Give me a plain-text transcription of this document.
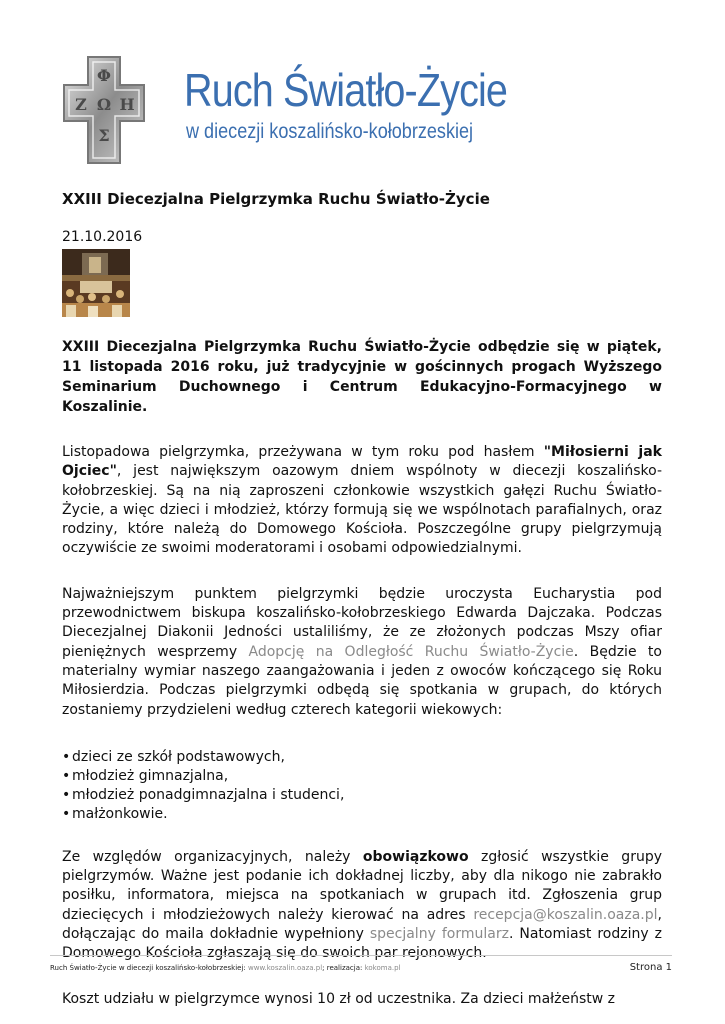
Φ
Ζ Ω Η
Σ
Ruch Światło-Życie
w diecezji koszalińsko-kołobrzeskiej
XXIII Diecezjalna Pielgrzymka Ruchu Światło-Życie
21.10.2016

XXIII Diecezjalna Pielgrzymka Ruchu Światło-Życie odbędzie się w piątek, 11 listopada 2016 roku, już tradycyjnie w gościnnych progach Wyższego Seminarium Duchownego i Centrum Edukacyjno-Formacyjnego w Koszalinie.

Listopadowa pielgrzymka, przeżywana w tym roku pod hasłem "Miłosierni jak Ojciec", jest największym oazowym dniem wspólnoty w diecezji koszalińsko-kołobrzeskiej. Są na nią zaproszeni członkowie wszystkich gałęzi Ruchu Światło-Życie, a więc dzieci i młodzież, którzy formują się we wspólnotach parafialnych, oraz rodziny, które należą do Domowego Kościoła. Poszczególne grupy pielgrzymują oczywiście ze swoimi moderatorami i osobami odpowiedzialnymi.

Najważniejszym punktem pielgrzymki będzie uroczysta Eucharystia pod przewodnictwem biskupa koszalińsko-kołobrzeskiego Edwarda Dajczaka. Podczas Diecezjalnej Diakonii Jedności ustaliliśmy, że ze złożonych podczas Mszy ofiar pieniężnych wesprzemy Adopcję na Odległość Ruchu Światło-Życie. Będzie to materialny wymiar naszego zaangażowania i jeden z owoców kończącego się Roku Miłosierdzia. Podczas pielgrzymki odbędą się spotkania w grupach, do których zostaniemy przydzieleni według czterech kategorii wiekowych:

• dzieci ze szkół podstawowych,
• młodzież gimnazjalna,
• młodzież ponadgimnazjalna i studenci,
• małżonkowie.

Ze względów organizacyjnych, należy obowiązkowo zgłosić wszystkie grupy pielgrzymów. Ważne jest podanie ich dokładnej liczby, aby dla nikogo nie zabrakło posiłku, informatora, miejsca na spotkaniach w grupach itd. Zgłoszenia grup dziecięcych i młodzieżowych należy kierować na adres recepcja@koszalin.oaza.pl, dołączając do maila dokładnie wypełniony specjalny formularz. Natomiast rodziny z Domowego Kościoła zgłaszają się do swoich par rejonowych.

Koszt udziału w pielgrzymce wynosi 10 zł od uczestnika. Za dzieci małżeństw z

Ruch Światło-Życie w diecezji koszalińsko-kołobrzeskiej: www.koszalin.oaza.pl; realizacja: kokoma.pl	Strona 1
